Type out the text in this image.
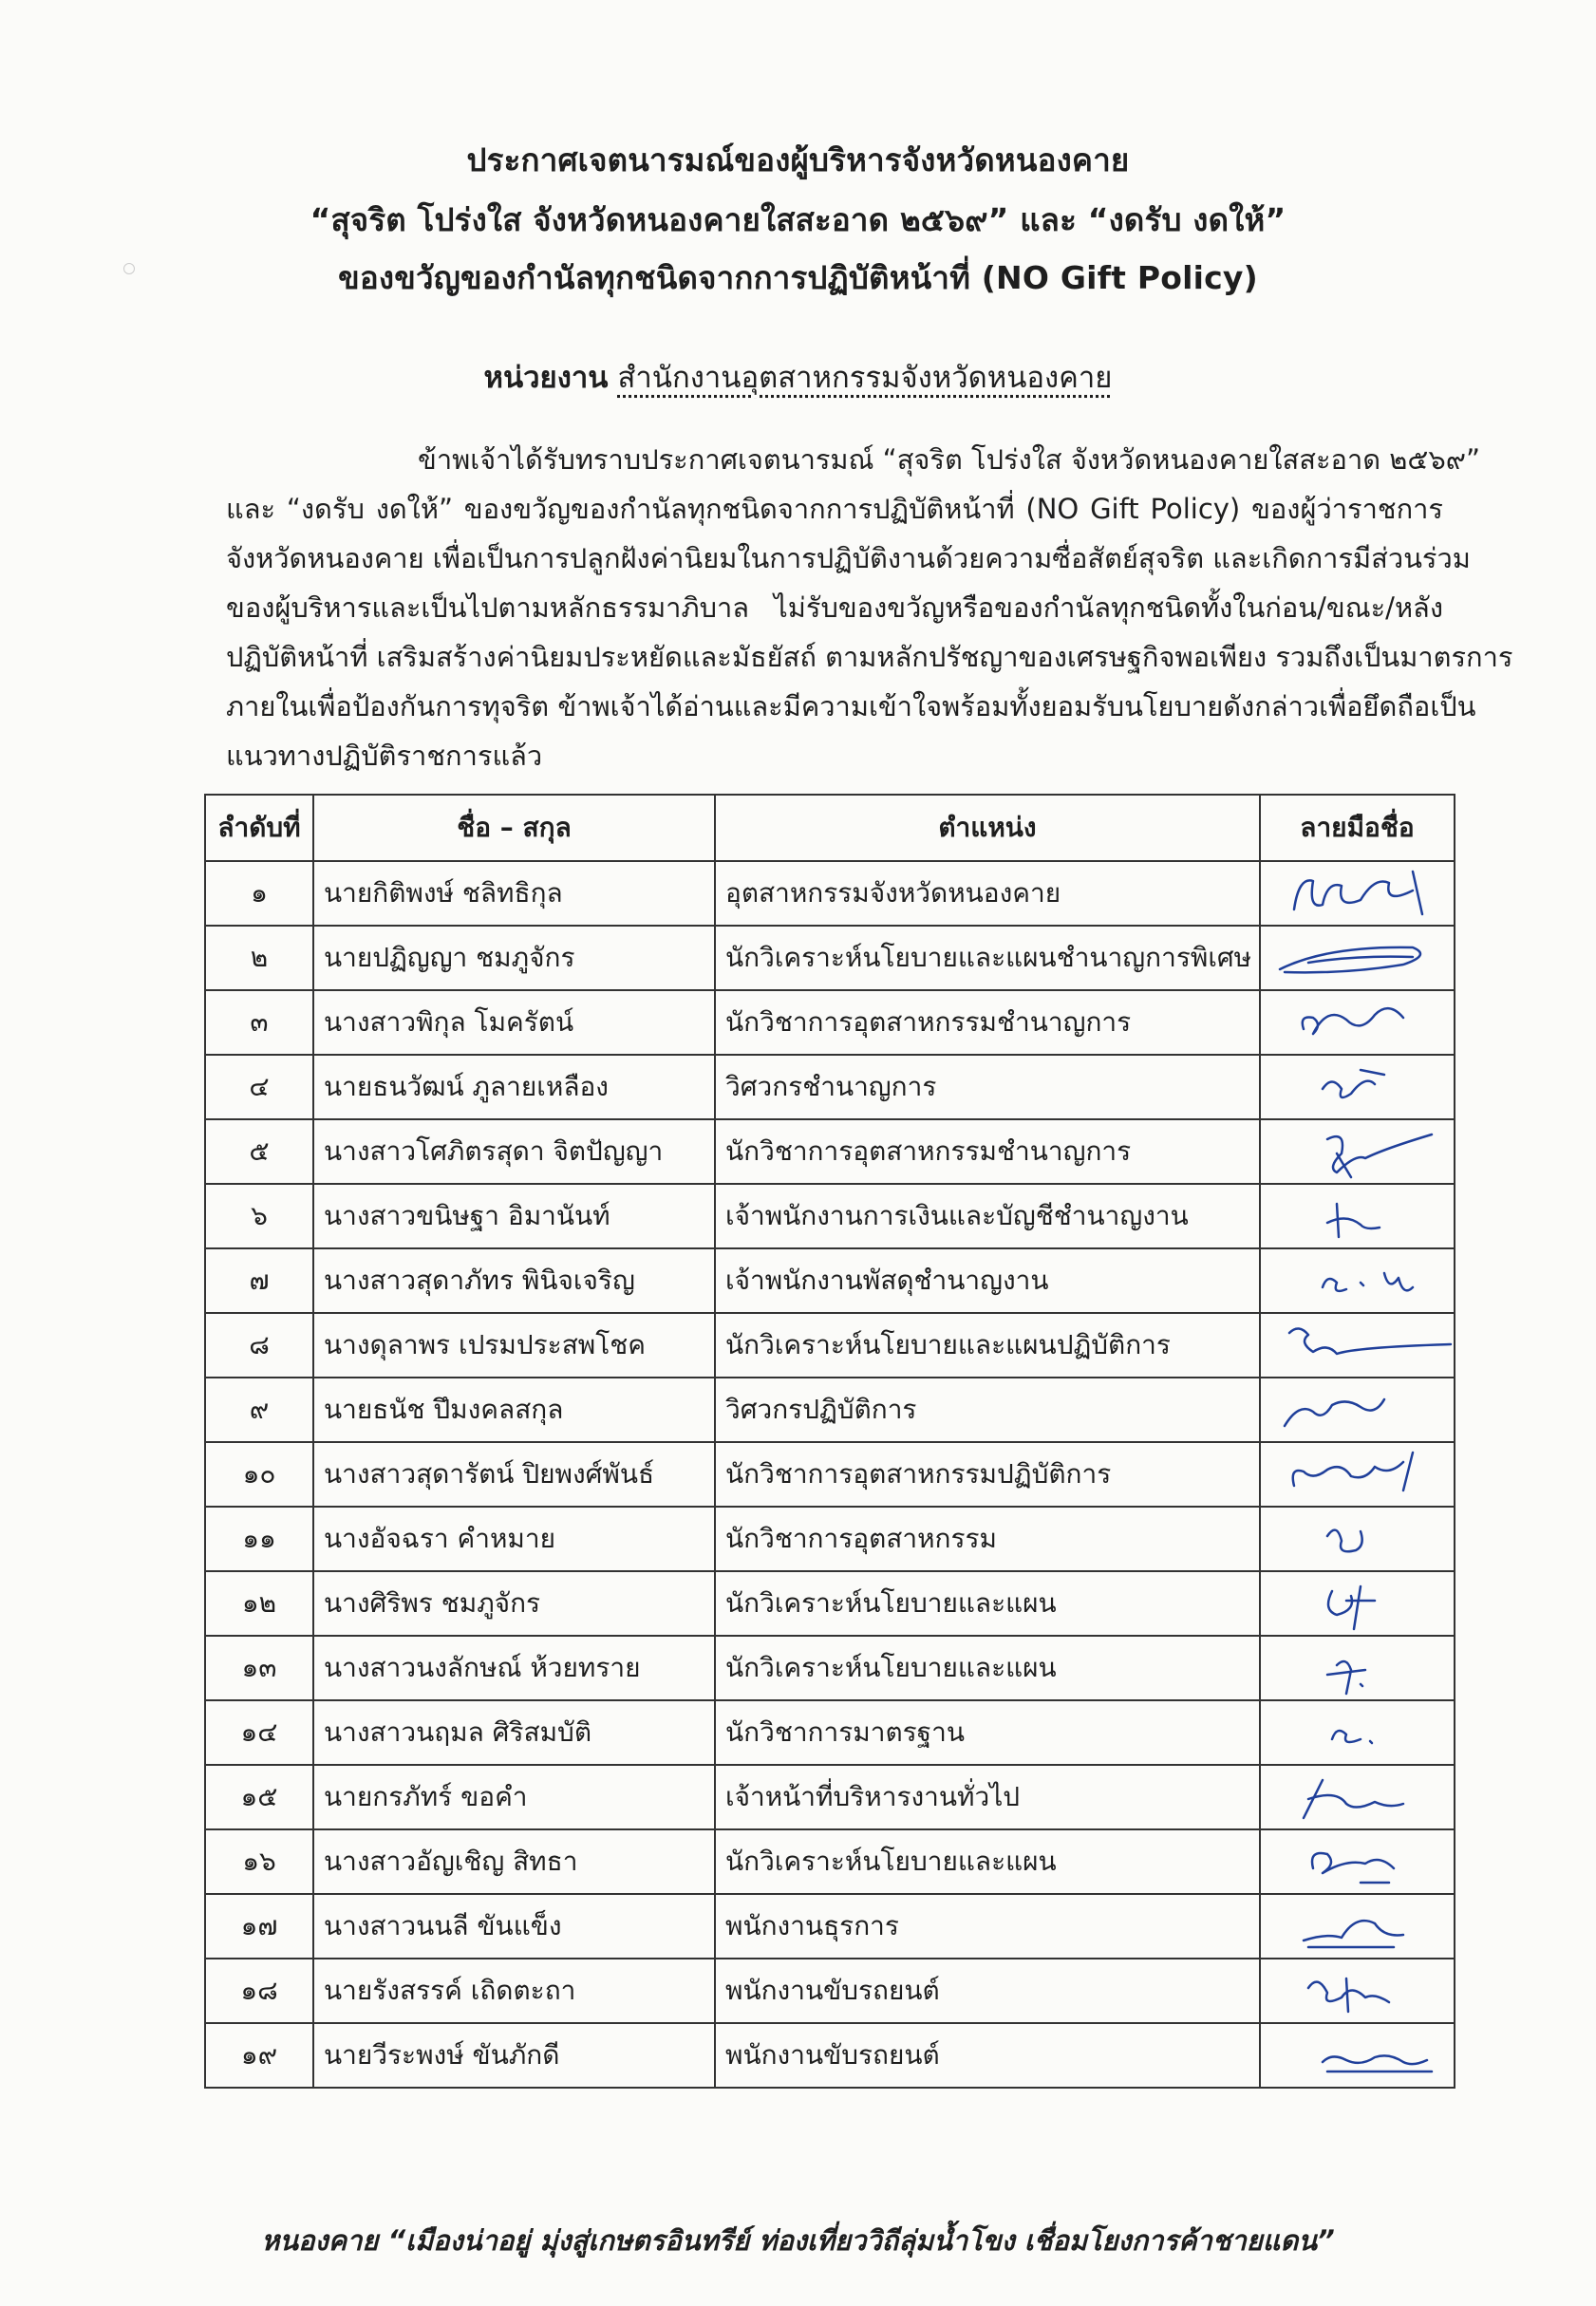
ประกาศเจตนารมณ์ของผู้บริหารจังหวัดหนองคาย
“สุจริต โปร่งใส จังหวัดหนองคายใสสะอาด ๒๕๖๙” และ “งดรับ งดให้”
ของขวัญของกำนัลทุกชนิดจากการปฏิบัติหน้าที่ (NO Gift Policy)
หน่วยงาน สำนักงานอุตสาหกรรมจังหวัดหนองคาย
ข้าพเจ้าได้รับทราบประกาศเจตนารมณ์ “สุจริต โปร่งใส จังหวัดหนองคายใสสะอาด ๒๕๖๙”
และ “งดรับ งดให้” ของขวัญของกำนัลทุกชนิดจากการปฏิบัติหน้าที่ (NO Gift Policy) ของผู้ว่าราชการ
จังหวัดหนองคาย เพื่อเป็นการปลูกฝังค่านิยมในการปฏิบัติงานด้วยความซื่อสัตย์สุจริต และเกิดการมีส่วนร่วม
ของผู้บริหารและเป็นไปตามหลักธรรมาภิบาล ไม่รับของขวัญหรือของกำนัลทุกชนิดทั้งในก่อน/ขณะ/หลัง
ปฏิบัติหน้าที่ เสริมสร้างค่านิยมประหยัดและมัธยัสถ์ ตามหลักปรัชญาของเศรษฐกิจพอเพียง รวมถึงเป็นมาตรการ
ภายในเพื่อป้องกันการทุจริต ข้าพเจ้าได้อ่านและมีความเข้าใจพร้อมทั้งยอมรับนโยบายดังกล่าวเพื่อยึดถือเป็น
แนวทางปฏิบัติราชการแล้ว
ลำดับที่	ชื่อ – สกุล	ตำแหน่ง	ลายมือชื่อ
๑	นายกิติพงษ์ ชลิทธิกุล	อุตสาหกรรมจังหวัดหนองคาย	

๒	นายปฏิญญา ชมภูจักร	นักวิเคราะห์นโยบายและแผนชำนาญการพิเศษ	

๓	นางสาวพิกุล โมครัตน์	นักวิชาการอุตสาหกรรมชำนาญการ	

๔	นายธนวัฒน์ ภูลายเหลือง	วิศวกรชำนาญการ	

๕	นางสาวโศภิตรสุดา จิตปัญญา	นักวิชาการอุตสาหกรรมชำนาญการ	

๖	นางสาวขนิษฐา อิมานันท์	เจ้าพนักงานการเงินและบัญชีชำนาญงาน	

๗	นางสาวสุดาภัทร พินิจเจริญ	เจ้าพนักงานพัสดุชำนาญงาน	

๘	นางดุลาพร เปรมประสพโชค	นักวิเคราะห์นโยบายและแผนปฏิบัติการ	

๙	นายธนัช ปึมงคลสกุล	วิศวกรปฏิบัติการ	

๑๐	นางสาวสุดารัตน์ ปิยพงศ์พันธ์	นักวิชาการอุตสาหกรรมปฏิบัติการ	

๑๑	นางอัจฉรา คำหมาย	นักวิชาการอุตสาหกรรม	

๑๒	นางศิริพร ชมภูจักร	นักวิเคราะห์นโยบายและแผน	

๑๓	นางสาวนงลักษณ์ ห้วยทราย	นักวิเคราะห์นโยบายและแผน	

๑๔	นางสาวนฤมล ศิริสมบัติ	นักวิชาการมาตรฐาน	

๑๕	นายกรภัทร์ ขอคำ	เจ้าหน้าที่บริหารงานทั่วไป	

๑๖	นางสาวอัญเชิญ สิทธา	นักวิเคราะห์นโยบายและแผน	

๑๗	นางสาวนนลี ขันแข็ง	พนักงานธุรการ	

๑๘	นายรังสรรค์ เถิดตะถา	พนักงานขับรถยนต์	

๑๙	นายวีระพงษ์ ขันภักดี	พนักงานขับรถยนต์	
หนองคาย “เมืองน่าอยู่ มุ่งสู่เกษตรอินทรีย์ ท่องเที่ยววิถีลุ่มน้ำโขง เชื่อมโยงการค้าชายแดน”
